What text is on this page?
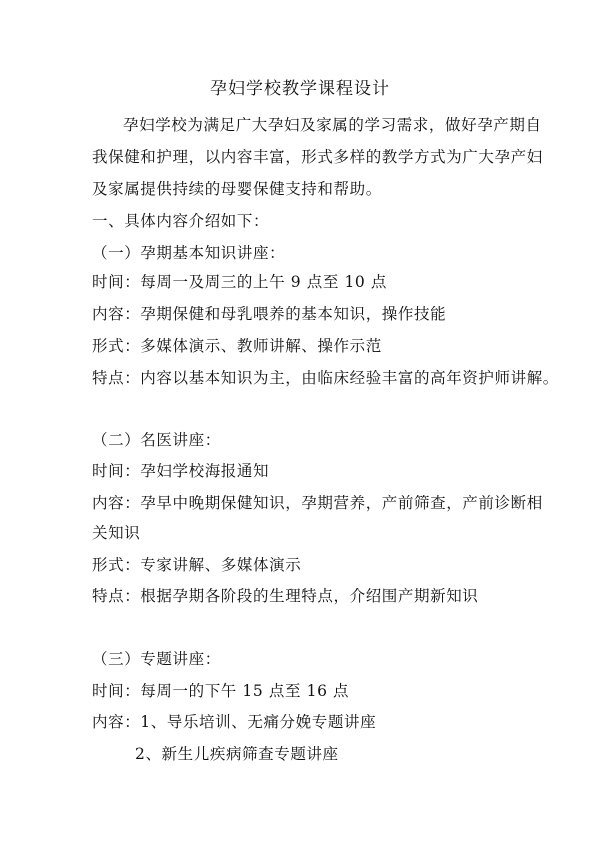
孕妇学校教学课程设计
孕妇学校为满足广大孕妇及家属的学习需求，做好孕产期自
我保健和护理，以内容丰富，形式多样的教学方式为广大孕产妇
及家属提供持续的母婴保健支持和帮助。
一、具体内容介绍如下：
（一）孕期基本知识讲座：
时间：每周一及周三的上午 9 点至 10 点
内容：孕期保健和母乳喂养的基本知识，操作技能
形式：多媒体演示、教师讲解、操作示范
特点：内容以基本知识为主，由临床经验丰富的高年资护师讲解。
（二）名医讲座：
时间：孕妇学校海报通知
内容：孕早中晚期保健知识，孕期营养，产前筛查，产前诊断相
关知识
形式：专家讲解、多媒体演示
特点：根据孕期各阶段的生理特点，介绍围产期新知识
（三）专题讲座：
时间：每周一的下午 15 点至 16 点
内容：1、导乐培训、无痛分娩专题讲座
2、新生儿疾病筛查专题讲座
